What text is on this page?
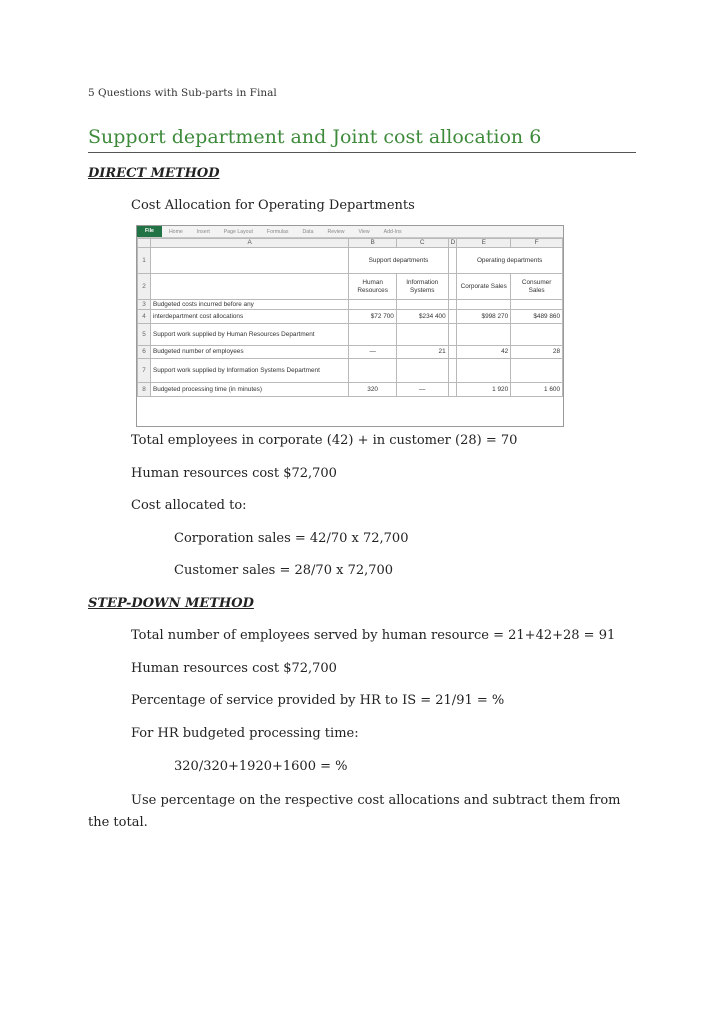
5 Questions with Sub-parts in Final
Support department and Joint cost allocation 6
DIRECT METHOD
Cost Allocation for Operating Departments
File	Home	Insert	Page Layout	Formulas	Data	Review	View	Add-Ins
	A	B	C	D	E	F
1		Support departments			Operating departments	
2		Human Resources	Information Systems		Corporate Sales	Consumer Sales
3	Budgeted costs incurred before any					
4	interdepartment cost allocations	$72 700	$234 400		$998 270	$489 860
5	Support work supplied by Human Resources Department					
6	Budgeted number of employees	—	21		42	28
7	Support work supplied by Information Systems Department					
8	Budgeted processing time (in minutes)	320	—		1 920	1 600
Total employees in corporate (42) + in customer (28) = 70
Human resources cost $72,700
Cost allocated to:
Corporation sales = 42/70 x 72,700
Customer sales = 28/70 x 72,700
STEP-DOWN METHOD
Total number of employees served by human resource = 21+42+28 = 91
Human resources cost $72,700
Percentage of service provided by HR to IS = 21/91 = %
For HR budgeted processing time:
320/320+1920+1600 = %
Use percentage on the respective cost allocations and subtract them from the total.
